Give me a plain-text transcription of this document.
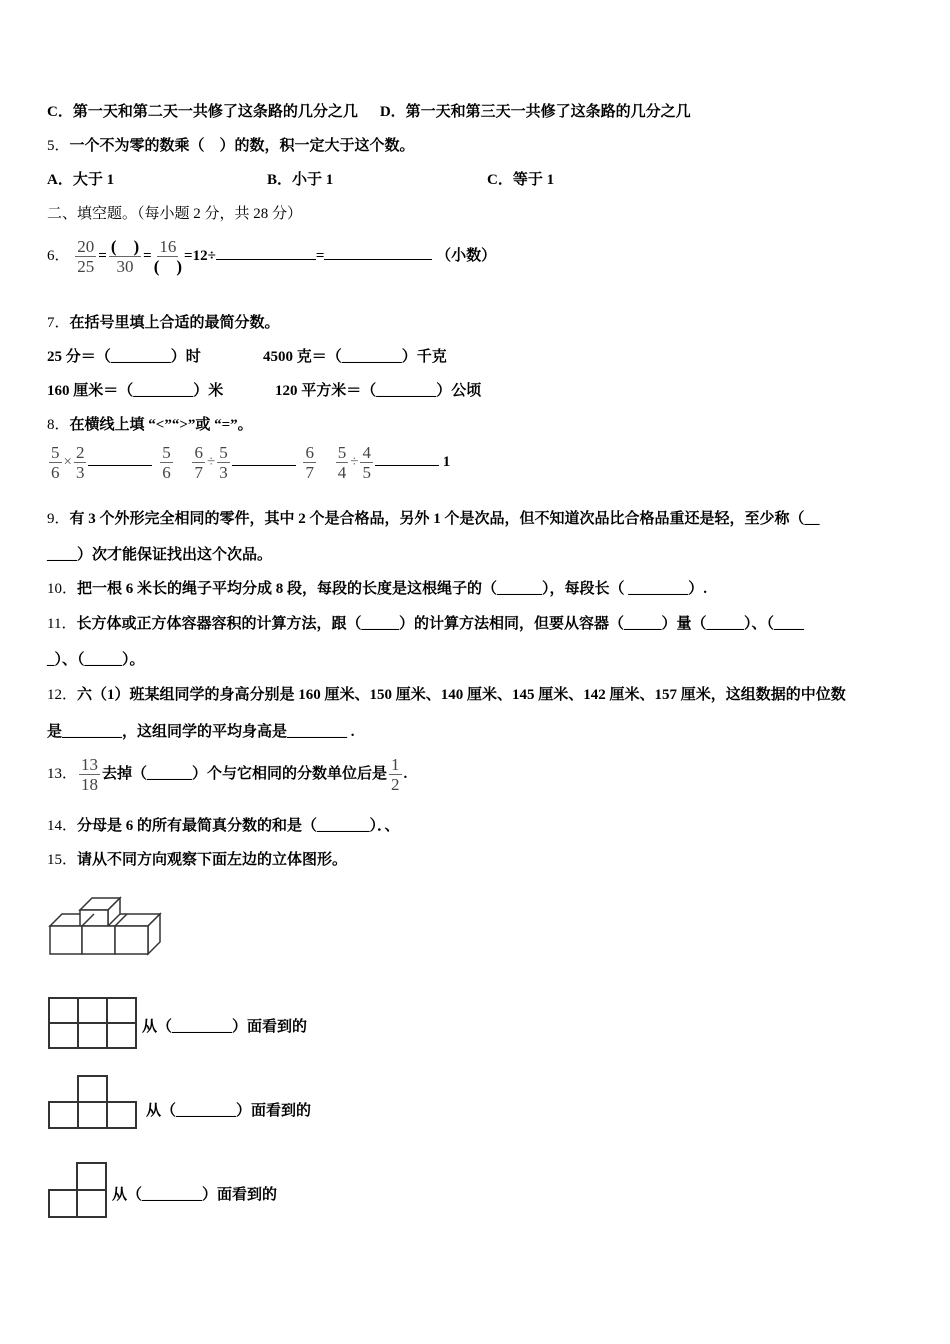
C．第一天和第二天一共修了这条路的几分之几 D．第一天和第三天一共修了这条路的几分之几
5．一个不为零的数乘（　）的数，积一定大于这个数。
A．大于 1	B．小于 1	C．等于 1
二、填空题。（每小题 2 分，共 28 分）
6． $\frac{20}{25}$ = (　)
30
= 16
(　)
=12÷	=	（小数）
7．在括号里填上合适的最简分数。
25 分＝（________）时	4500 克＝（________）千克
160 厘米＝（________）米	120 平方米＝（________）公顷
8．在横线上填 “<”“>”或 “=”。
$\frac{5}{6} \times \frac{2}{3}$
	$\frac{5}{6}$
$\frac{6}{7} \div \frac{5}{3}$
	$\frac{6}{7}$
$\frac{5}{4} \div \frac{4}{5}$	1
9．有 3 个外形完全相同的零件，其中 2 个是合格品，另外 1 个是次品，但不知道次品比合格品重还是轻，至少称（__
____）次才能保证找出这个次品。
10．把一根 6 米长的绳子平均分成 8 段，每段的长度是这根绳子的（______），每段长（ ________）.
11．长方体或正方体容器容积的计算方法，跟（_____）的计算方法相同，但要从容器（_____）量（_____）、（____
_）、（_____）。
12．六（1）班某组同学的身高分别是 160 厘米、150 厘米、140 厘米、145 厘米、142 厘米、157 厘米，这组数据的中位数
是________，这组同学的平均身高是________ .
13． $\frac{13}{18}$ 去掉（______）个与它相同的分数单位后是 $\frac{1}{2}$ .
14．分母是 6 的所有最简真分数的和是（_______）．、
15．请从不同方向观察下面左边的立体图形。
从（________）面看到的
从（________）面看到的
从（________）面看到的
